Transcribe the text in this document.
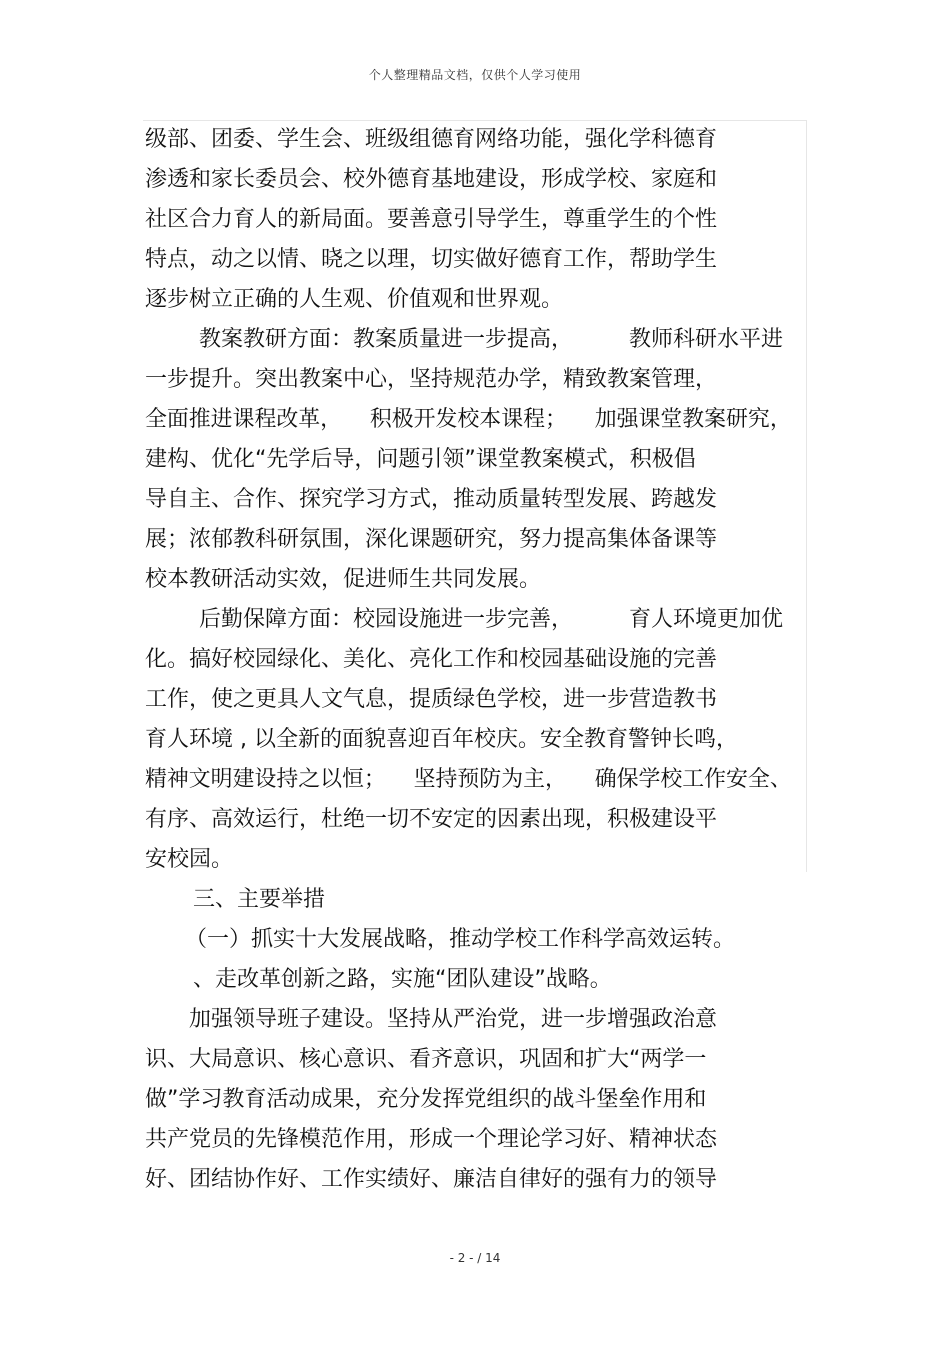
个人整理精品文档，仅供个人学习使用

级部、团委、学生会、班级组德育网络功能，强化学科德育

渗透和家长委员会、校外德育基地建设，形成学校、家庭和

社区合力育人的新局面。要善意引导学生，尊重学生的个性

特点，动之以情、晓之以理，切实做好德育工作，帮助学生

逐步树立正确的人生观、价值观和世界观。

教案教研方面：教案质量进一步提高，        教师科研水平进

一步提升。突出教案中心，坚持规范办学，精致教案管理，

全面推进课程改革，    积极开发校本课程；    加强课堂教案研究，

建构、优化“先学后导，问题引领”课堂教案模式，积极倡

导自主、合作、探究学习方式，推动质量转型发展、跨越发

展；浓郁教科研氛围，深化课题研究，努力提高集体备课等

校本教研活动实效，促进师生共同发展。

后勤保障方面：校园设施进一步完善，        育人环境更加优

化。搞好校园绿化、美化、亮化工作和校园基础设施的完善

工作，使之更具人文气息，提质绿色学校，进一步营造教书

育人环境 , 以全新的面貌喜迎百年校庆。安全教育警钟长鸣，

精神文明建设持之以恒；    坚持预防为主，    确保学校工作安全、

有序、高效运行，杜绝一切不安定的因素出现，积极建设平

安校园。

三、主要举措

（一）抓实十大发展战略，推动学校工作科学高效运转。

、走改革创新之路，实施“团队建设”战略。

加强领导班子建设。坚持从严治党，进一步增强政治意

识、大局意识、核心意识、看齐意识，巩固和扩大“两学一

做”学习教育活动成果，充分发挥党组织的战斗堡垒作用和

共产党员的先锋模范作用，形成一个理论学习好、精神状态

好、团结协作好、工作实绩好、廉洁自律好的强有力的领导

- 2 - / 14
